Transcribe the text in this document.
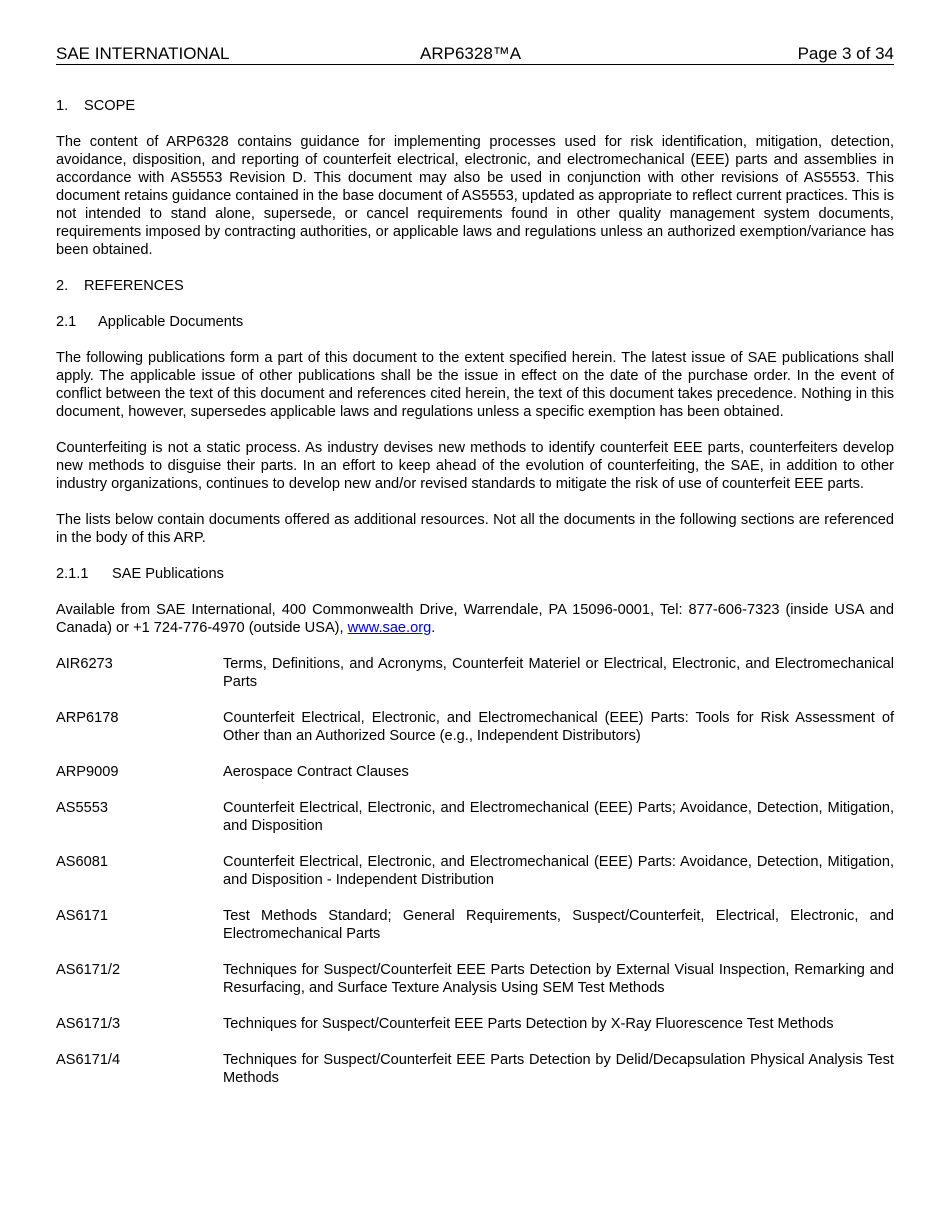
SAE INTERNATIONAL	ARP6328™A	Page 3 of 34
1. SCOPE

The content of ARP6328 contains guidance for implementing processes used for risk identification, mitigation, detection, avoidance, disposition, and reporting of counterfeit electrical, electronic, and electromechanical (EEE) parts and assemblies in accordance with AS5553 Revision D. This document may also be used in conjunction with other revisions of AS5553. This document retains guidance contained in the base document of AS5553, updated as appropriate to reflect current practices. This is not intended to stand alone, supersede, or cancel requirements found in other quality management system documents, requirements imposed by contracting authorities, or applicable laws and regulations unless an authorized exemption/variance has been obtained.

2. REFERENCES
2.1 Applicable Documents

The following publications form a part of this document to the extent specified herein. The latest issue of SAE publications shall apply. The applicable issue of other publications shall be the issue in effect on the date of the purchase order. In the event of conflict between the text of this document and references cited herein, the text of this document takes precedence. Nothing in this document, however, supersedes applicable laws and regulations unless a specific exemption has been obtained.

Counterfeiting is not a static process. As industry devises new methods to identify counterfeit EEE parts, counterfeiters develop new methods to disguise their parts. In an effort to keep ahead of the evolution of counterfeiting, the SAE, in addition to other industry organizations, continues to develop new and/or revised standards to mitigate the risk of use of counterfeit EEE parts.

The lists below contain documents offered as additional resources. Not all the documents in the following sections are referenced in the body of this ARP.

2.1.1 SAE Publications

Available from SAE International, 400 Commonwealth Drive, Warrendale, PA 15096-0001, Tel: 877-606-7323 (inside USA and Canada) or +1 724-776-4970 (outside USA), www.sae.org.

AIR6273	Terms, Definitions, and Acronyms, Counterfeit Materiel or Electrical, Electronic, and Electromechanical Parts
ARP6178	Counterfeit Electrical, Electronic, and Electromechanical (EEE) Parts: Tools for Risk Assessment of Other than an Authorized Source (e.g., Independent Distributors)
ARP9009	Aerospace Contract Clauses
AS5553	Counterfeit Electrical, Electronic, and Electromechanical (EEE) Parts; Avoidance, Detection, Mitigation, and Disposition
AS6081	Counterfeit Electrical, Electronic, and Electromechanical (EEE) Parts: Avoidance, Detection, Mitigation, and Disposition - Independent Distribution
AS6171	Test Methods Standard; General Requirements, Suspect/Counterfeit, Electrical, Electronic, and Electromechanical Parts
AS6171/2	Techniques for Suspect/Counterfeit EEE Parts Detection by External Visual Inspection, Remarking and Resurfacing, and Surface Texture Analysis Using SEM Test Methods
AS6171/3	Techniques for Suspect/Counterfeit EEE Parts Detection by X-Ray Fluorescence Test Methods
AS6171/4	Techniques for Suspect/Counterfeit EEE Parts Detection by Delid/Decapsulation Physical Analysis Test Methods
